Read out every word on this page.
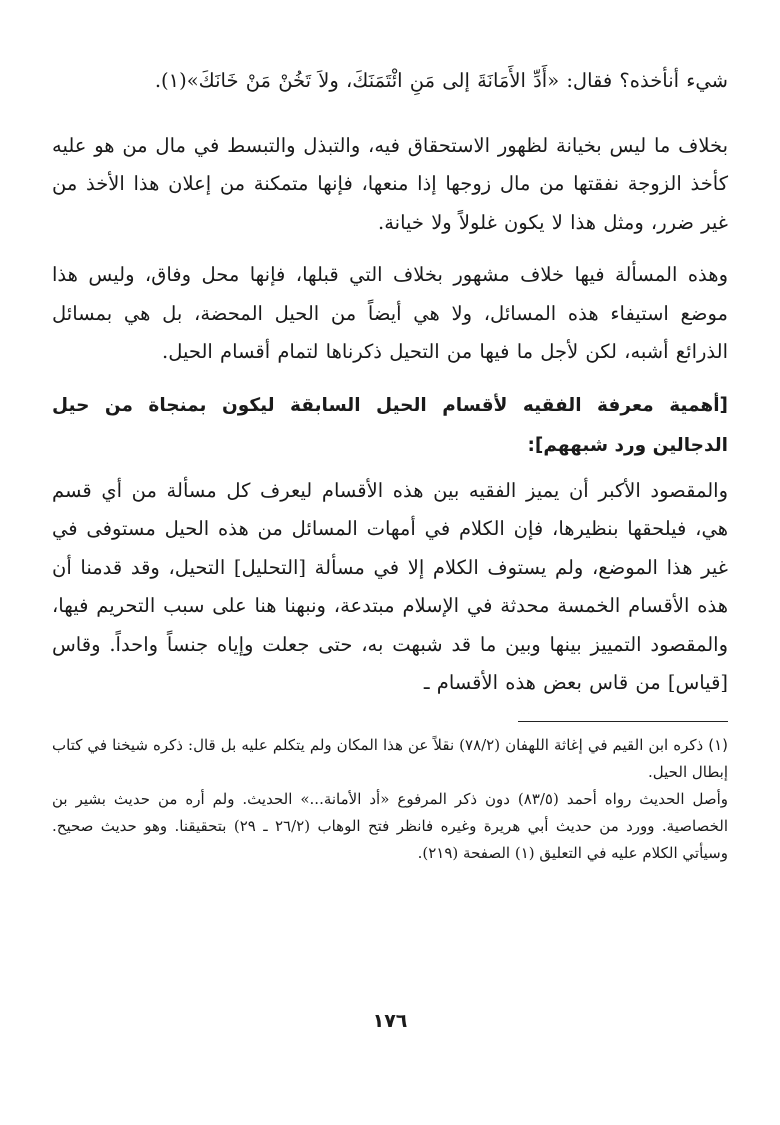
شيء أنأخذه؟ فقال: «أَدِّ الأَمَانَةَ إلى مَنِ ائْتَمَنَكَ، ولاَ تَخُنْ مَنْ خَانَكَ»(١).

بخلاف ما ليس بخيانة لظهور الاستحقاق فيه، والتبذل والتبسط في مال من هو عليه كأخذ الزوجة نفقتها من مال زوجها إذا منعها، فإنها متمكنة من إعلان هذا الأخذ من غير ضرر، ومثل هذا لا يكون غلولاً ولا خيانة.

وهذه المسألة فيها خلاف مشهور بخلاف التي قبلها، فإنها محل وفاق، وليس هذا موضع استيفاء هذه المسائل، ولا هي أيضاً من الحيل المحضة، بل هي بمسائل الذرائع أشبه، لكن لأجل ما فيها من التحيل ذكرناها لتمام أقسام الحيل.

[أهمية معرفة الفقيه لأقسام الحيل السابقة ليكون بمنجاة من حيل الدجالين ورد شبههم]:

والمقصود الأكبر أن يميز الفقيه بين هذه الأقسام ليعرف كل مسألة من أي قسم هي، فيلحقها بنظيرها، فإن الكلام في أمهات المسائل من هذه الحيل مستوفى في غير هذا الموضع، ولم يستوف الكلام إلا في مسألة [التحليل] التحيل، وقد قدمنا أن هذه الأقسام الخمسة محدثة في الإسلام مبتدعة، ونبهنا هنا على سبب التحريم فيها، والمقصود التمييز بينها وبين ما قد شبهت به، حتى جعلت وإياه جنساً واحداً. وقاس [قياس] من قاس بعض هذه الأقسام ـ

(١) ذكره ابن القيم في إغاثة اللهفان (٧٨/٢) نقلاً عن هذا المكان ولم يتكلم عليه بل قال: ذكره شيخنا في كتاب إبطال الحيل.

وأصل الحديث رواه أحمد (٨٣/٥) دون ذكر المرفوع «أد الأمانة...» الحديث. ولم أره من حديث بشير بن الخصاصية. وورد من حديث أبي هريرة وغيره فانظر فتح الوهاب (٢٦/٢ ـ ٢٩) بتحقيقنا. وهو حديث صحيح. وسيأتي الكلام عليه في التعليق (١) الصفحة (٢١٩).

١٧٦
